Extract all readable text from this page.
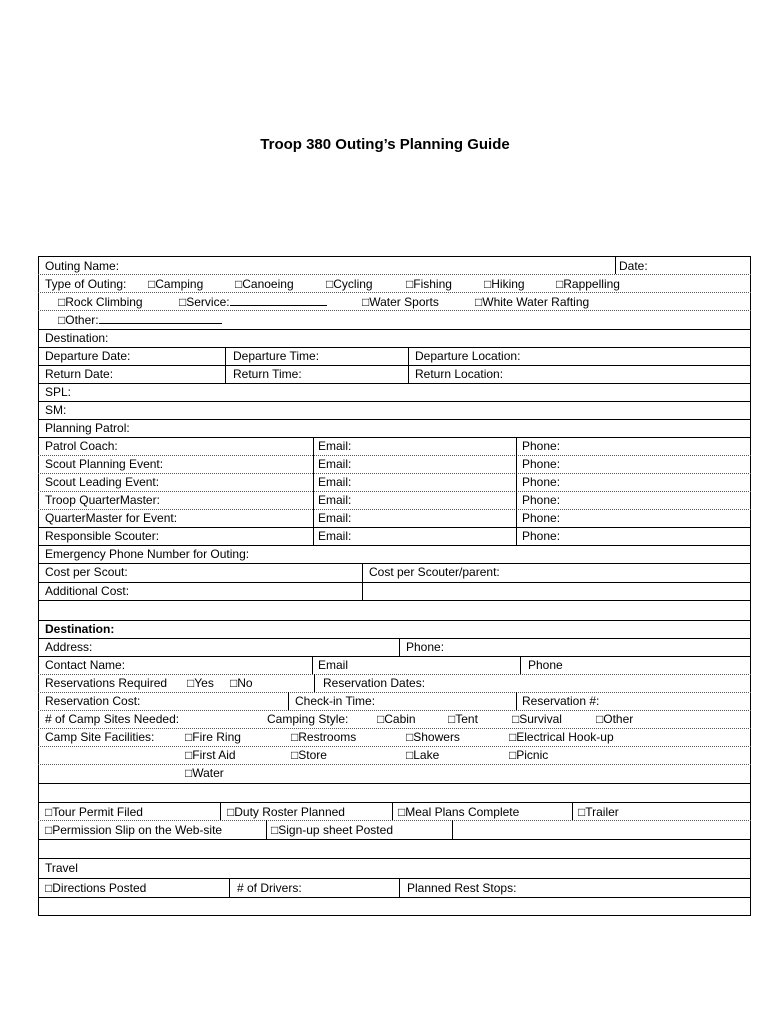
Troop 380 Outing’s Planning Guide
Outing Name:	Date:
Type of Outing: □Camping	□Canoeing	□Cycling	□Fishing	□Hiking	□Rappelling
□Rock Climbing	□Service:	□Water Sports	□White Water Rafting
□Other:
Destination:
Departure Date:	Departure Time:	Departure Location:
Return Date:	Return Time:	Return Location:
SPL:
SM:
Planning Patrol:
Patrol Coach:	Email:	Phone:
Scout Planning Event:	Email:	Phone:
Scout Leading Event:	Email:	Phone:
Troop QuarterMaster:	Email:	Phone:
QuarterMaster for Event:	Email:	Phone:
Responsible Scouter:	Email:	Phone:
Emergency Phone Number for Outing:
Cost per Scout:	Cost per Scouter/parent:
Additional Cost:
Destination:
Address:	Phone:
Contact Name:	Email	Phone
Reservations Required □Yes □No	Reservation Dates:
Reservation Cost:	Check-in Time:	Reservation #:
# of Camp Sites Needed:	Camping Style: □Cabin	□Tent	□Survival	□Other
Camp Site Facilities:	□Fire Ring	□Restrooms	□Showers	□Electrical Hook-up
□First Aid	□Store	□Lake	□Picnic
□Water
□Tour Permit Filed	□Duty Roster Planned	□Meal Plans Complete	□Trailer
□Permission Slip on the Web-site	□Sign-up sheet Posted
Travel
□Directions Posted	# of Drivers:	Planned Rest Stops:
